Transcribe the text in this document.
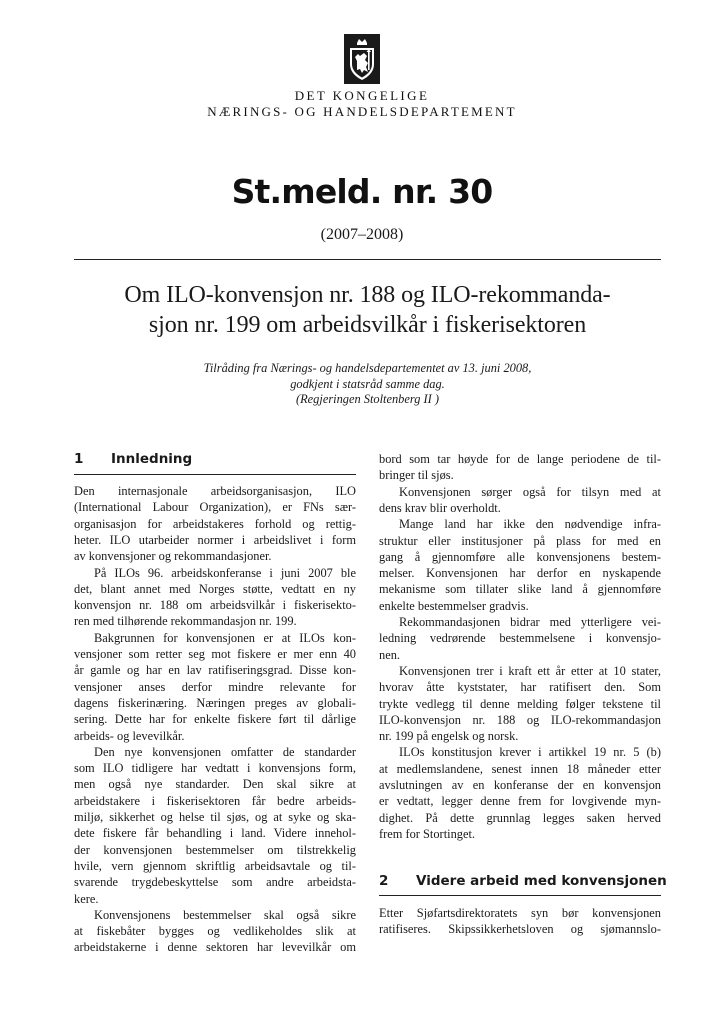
DET KONGELIGE
NÆRINGS- OG HANDELSDEPARTEMENT
St.meld. nr. 30
(2007–2008)
Om ILO-konvensjon nr. 188 og ILO-rekommanda-
sjon nr. 199 om arbeidsvilkår i fiskerisektoren
Tilråding fra Nærings- og handelsdepartementet av 13. juni 2008,
godkjent i statsråd samme dag.
(Regjeringen Stoltenberg II )
1 Innledning
2 Videre arbeid med konvensjonen
Den internasjonale arbeidsorganisasjon, ILO
(International Labour Organization), er FNs sær-
organisasjon for arbeidstakeres forhold og rettig-
heter. ILO utarbeider normer i arbeidslivet i form
av konvensjoner og rekommandasjoner.
På ILOs 96. arbeidskonferanse i juni 2007 ble
det, blant annet med Norges støtte, vedtatt en ny
konvensjon nr. 188 om arbeidsvilkår i fiskerisekto-
ren med tilhørende rekommandasjon nr. 199.
Bakgrunnen for konvensjonen er at ILOs kon-
vensjoner som retter seg mot fiskere er mer enn 40
år gamle og har en lav ratifiseringsgrad. Disse kon-
vensjoner anses derfor mindre relevante for
dagens fiskerinæring. Næringen preges av globali-
sering. Dette har for enkelte fiskere ført til dårlige
arbeids- og levevilkår.
Den nye konvensjonen omfatter de standarder
som ILO tidligere har vedtatt i konvensjons form,
men også nye standarder. Den skal sikre at
arbeidstakere i fiskerisektoren får bedre arbeids-
miljø, sikkerhet og helse til sjøs, og at syke og ska-
dete fiskere får behandling i land. Videre innehol-
der konvensjonen bestemmelser om tilstrekkelig
hvile, vern gjennom skriftlig arbeidsavtale og til-
svarende trygdebeskyttelse som andre arbeidsta-
kere.
Konvensjonens bestemmelser skal også sikre
at fiskebåter bygges og vedlikeholdes slik at
arbeidstakerne i denne sektoren har levevilkår om
bord som tar høyde for de lange periodene de til-
bringer til sjøs.
Konvensjonen sørger også for tilsyn med at
dens krav blir overholdt.
Mange land har ikke den nødvendige infra-
struktur eller institusjoner på plass for med en
gang å gjennomføre alle konvensjonens bestem-
melser. Konvensjonen har derfor en nyskapende
mekanisme som tillater slike land å gjennomføre
enkelte bestemmelser gradvis.
Rekommandasjonen bidrar med ytterligere vei-
ledning vedrørende bestemmelsene i konvensjo-
nen.
Konvensjonen trer i kraft ett år etter at 10 stater,
hvorav åtte kyststater, har ratifisert den. Som
trykte vedlegg til denne melding følger tekstene til
ILO-konvensjon nr. 188 og ILO-rekommandasjon
nr. 199 på engelsk og norsk.
ILOs konstitusjon krever i artikkel 19 nr. 5 (b)
at medlemslandene, senest innen 18 måneder etter
avslutningen av en konferanse der en konvensjon
er vedtatt, legger denne frem for lovgivende myn-
dighet. På dette grunnlag legges saken herved
frem for Stortinget.
Etter Sjøfartsdirektoratets syn bør konvensjonen
ratifiseres. Skipssikkerhetsloven og sjømannslo-
